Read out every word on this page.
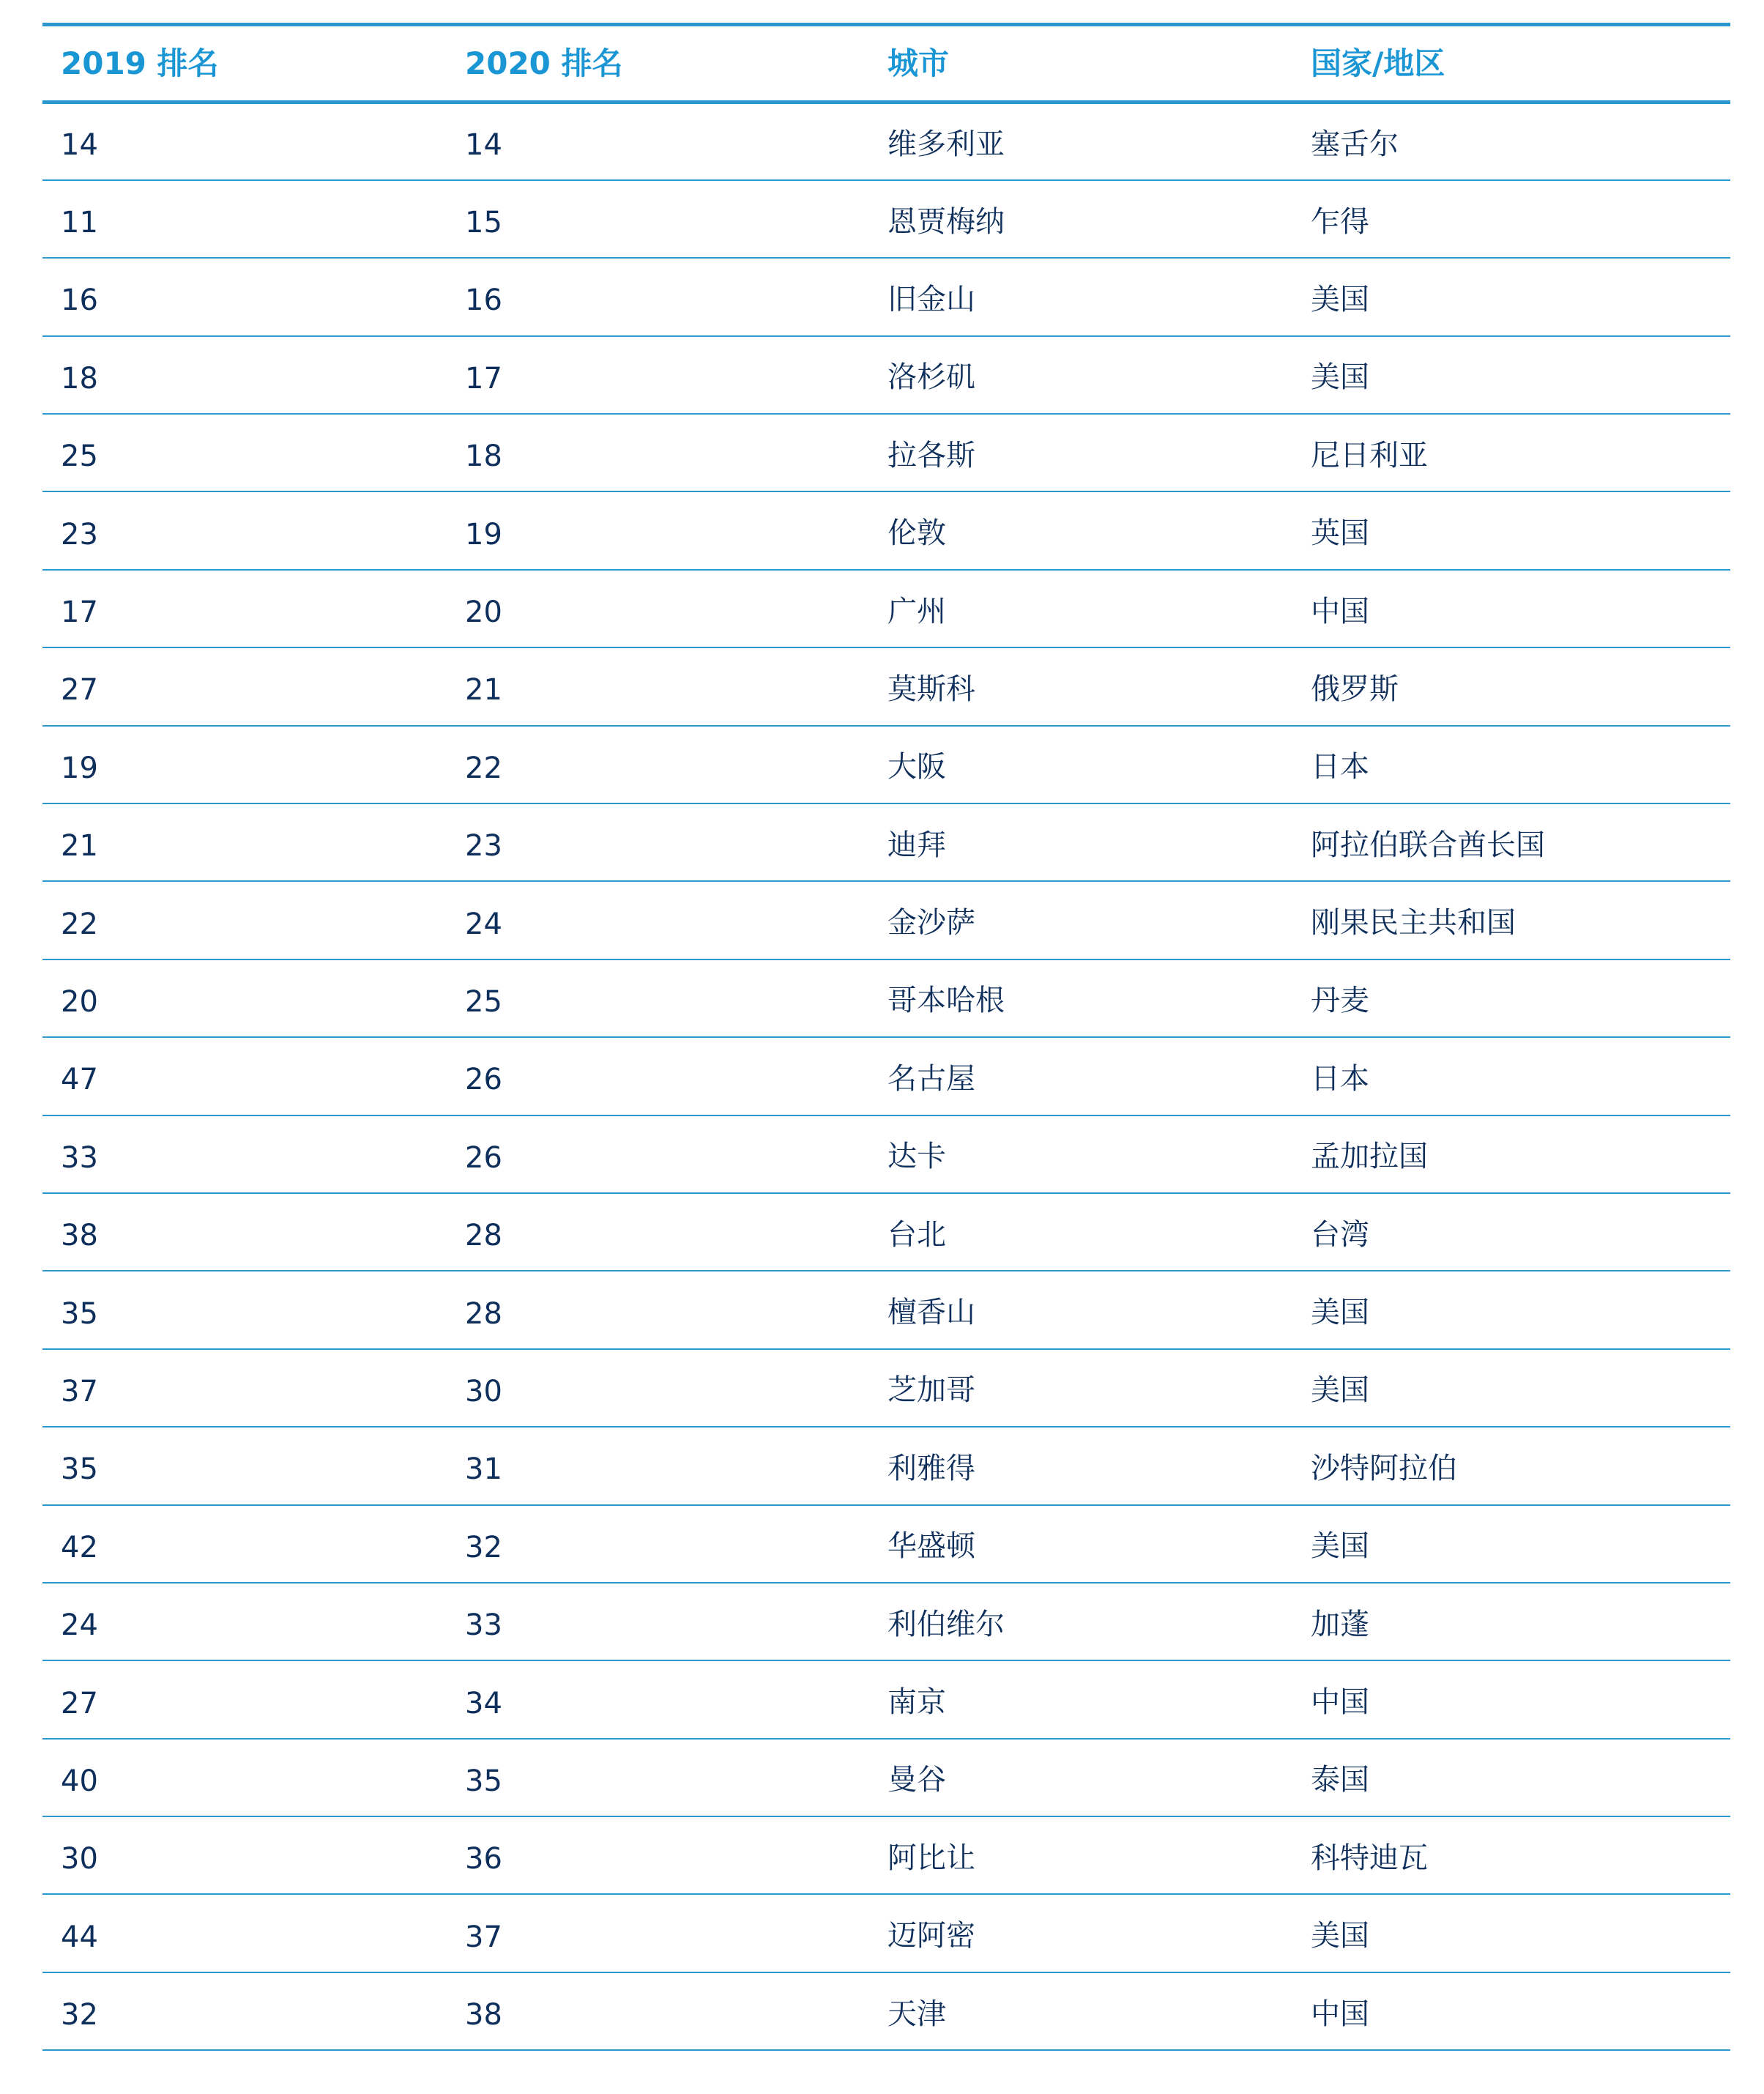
2019 排名	2020 排名	城市	国家/地区
14	14	维多利亚	塞舌尔
11	15	恩贾梅纳	乍得
16	16	旧金山	美国
18	17	洛杉矶	美国
25	18	拉各斯	尼日利亚
23	19	伦敦	英国
17	20	广州	中国
27	21	莫斯科	俄罗斯
19	22	大阪	日本
21	23	迪拜	阿拉伯联合酋长国
22	24	金沙萨	刚果民主共和国
20	25	哥本哈根	丹麦
47	26	名古屋	日本
33	26	达卡	孟加拉国
38	28	台北	台湾
35	28	檀香山	美国
37	30	芝加哥	美国
35	31	利雅得	沙特阿拉伯
42	32	华盛顿	美国
24	33	利伯维尔	加蓬
27	34	南京	中国
40	35	曼谷	泰国
30	36	阿比让	科特迪瓦
44	37	迈阿密	美国
32	38	天津	中国
